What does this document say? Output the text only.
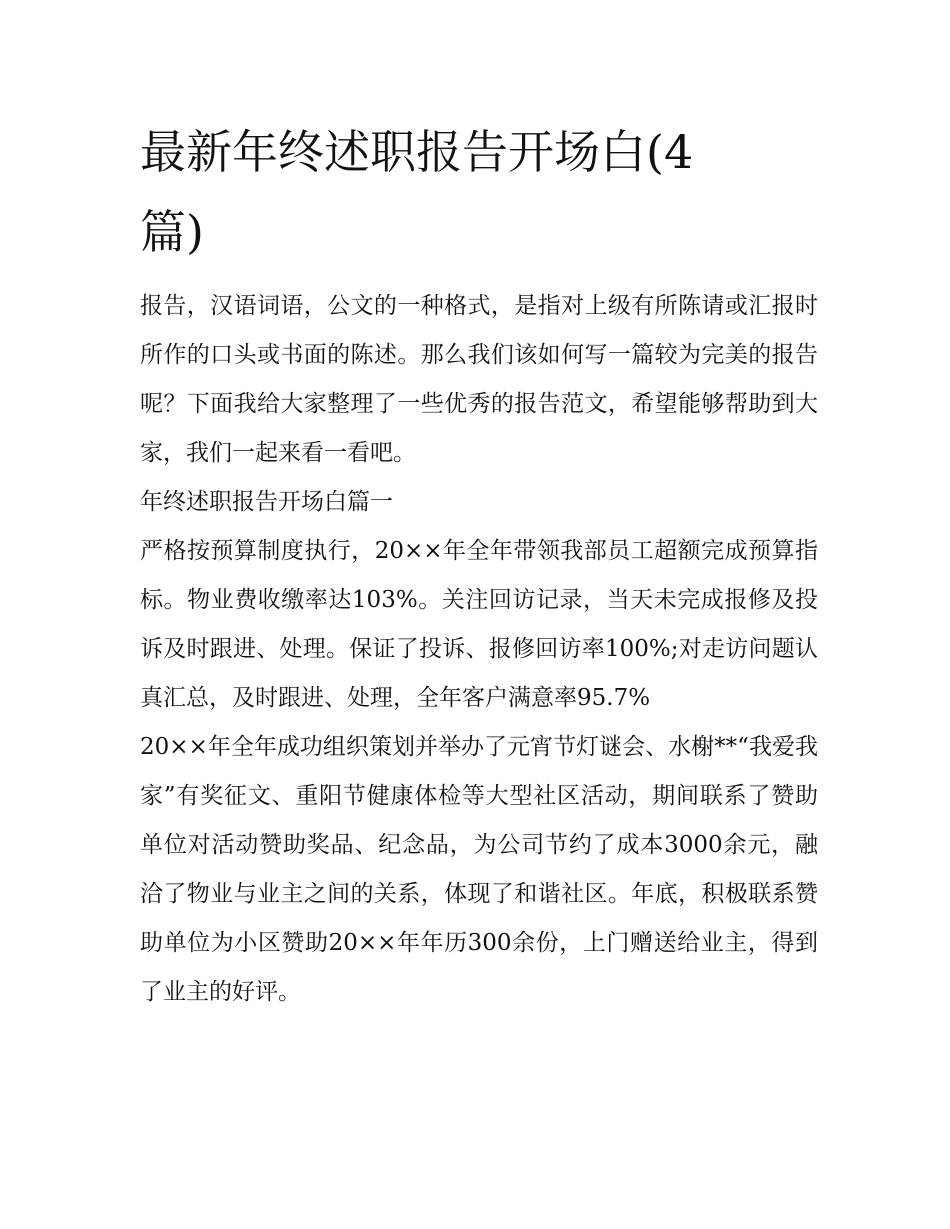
最新年终述职报告开场白(4
篇)

报告，汉语词语，公文的一种格式，是指对上级有所陈请或汇报时所作的口头或书面的陈述。那么我们该如何写一篇较为完美的报告呢？下面我给大家整理了一些优秀的报告范文，希望能够帮助到大家，我们一起来看一看吧。

年终述职报告开场白篇一

严格按预算制度执行，20××年全年带领我部员工超额完成预算指标。物业费收缴率达103%。关注回访记录，当天未完成报修及投诉及时跟进、处理。保证了投诉、报修回访率100%;对走访问题认真汇总，及时跟进、处理，全年客户满意率95.7%

20××年全年成功组织策划并举办了元宵节灯谜会、水榭**“我爱我家”有奖征文、重阳节健康体检等大型社区活动，期间联系了赞助单位对活动赞助奖品、纪念品，为公司节约了成本3000余元，融洽了物业与业主之间的关系，体现了和谐社区。年底，积极联系赞助单位为小区赞助20××年年历300余份，上门赠送给业主，得到了业主的好评。
